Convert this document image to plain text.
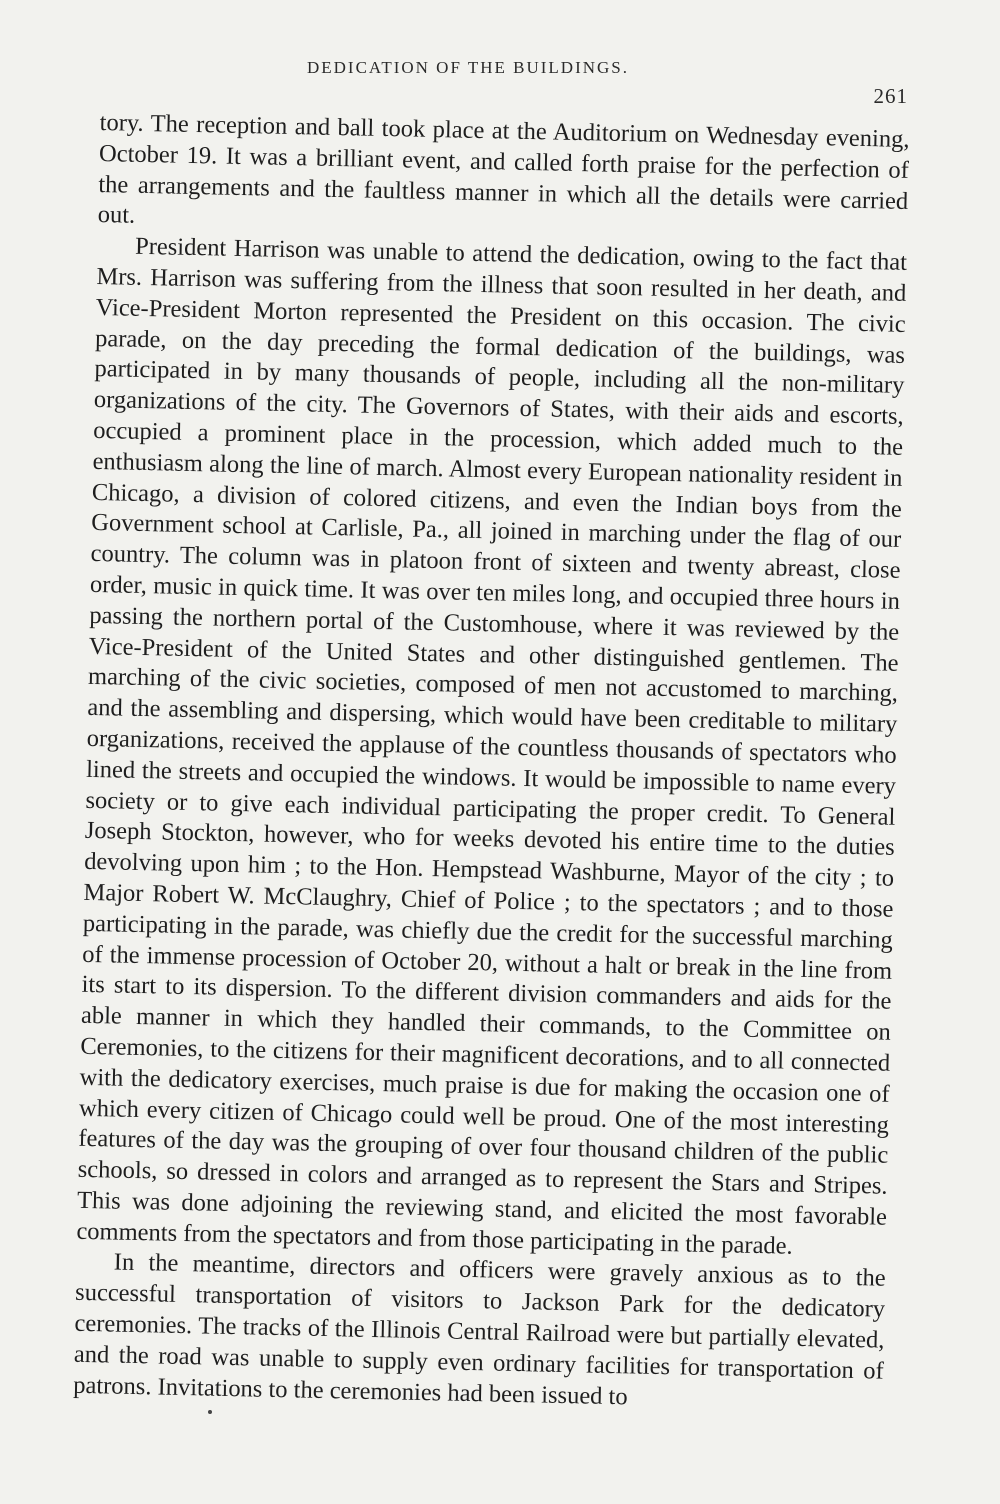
DEDICATION OF THE BUILDINGS.
261

tory. The reception and ball took place at the Auditorium on Wednesday evening, October 19. It was a brilliant event, and called forth praise for the perfection of the arrangements and the faultless manner in which all the details were carried out.

President Harrison was unable to attend the dedication, owing to the fact that Mrs. Harrison was suffering from the illness that soon resulted in her death, and Vice-President Morton represented the President on this occasion. The civic parade, on the day preceding the formal dedication of the buildings, was participated in by many thousands of people, including all the non-military organizations of the city. The Governors of States, with their aids and escorts, occupied a prominent place in the procession, which added much to the enthusiasm along the line of march. Almost every European nationality resident in Chicago, a division of colored citizens, and even the Indian boys from the Government school at Carlisle, Pa., all joined in marching under the flag of our country. The column was in platoon front of sixteen and twenty abreast, close order, music in quick time. It was over ten miles long, and occupied three hours in passing the northern portal of the Customhouse, where it was reviewed by the Vice-President of the United States and other distinguished gentlemen. The marching of the civic societies, composed of men not accustomed to marching, and the assembling and dispersing, which would have been creditable to military organizations, received the applause of the countless thousands of spectators who lined the streets and occupied the windows. It would be impossible to name every society or to give each individual participating the proper credit. To General Joseph Stockton, however, who for weeks devoted his entire time to the duties devolving upon him ; to the Hon. Hempstead Washburne, Mayor of the city ; to Major Robert W. McClaughry, Chief of Police ; to the spectators ; and to those participating in the parade, was chiefly due the credit for the successful marching of the immense procession of October 20, without a halt or break in the line from its start to its dispersion. To the different division commanders and aids for the able manner in which they handled their commands, to the Committee on Ceremonies, to the citizens for their magnificent decorations, and to all connected with the dedicatory exercises, much praise is due for making the occasion one of which every citizen of Chicago could well be proud. One of the most interesting features of the day was the grouping of over four thousand children of the public schools, so dressed in colors and arranged as to represent the Stars and Stripes. This was done adjoining the reviewing stand, and elicited the most favorable comments from the spectators and from those participating in the parade.

In the meantime, directors and officers were gravely anxious as to the successful transportation of visitors to Jackson Park for the dedicatory ceremonies. The tracks of the Illinois Central Railroad were but partially elevated, and the road was unable to supply even ordinary facilities for transportation of patrons. Invitations to the ceremonies had been issued to
